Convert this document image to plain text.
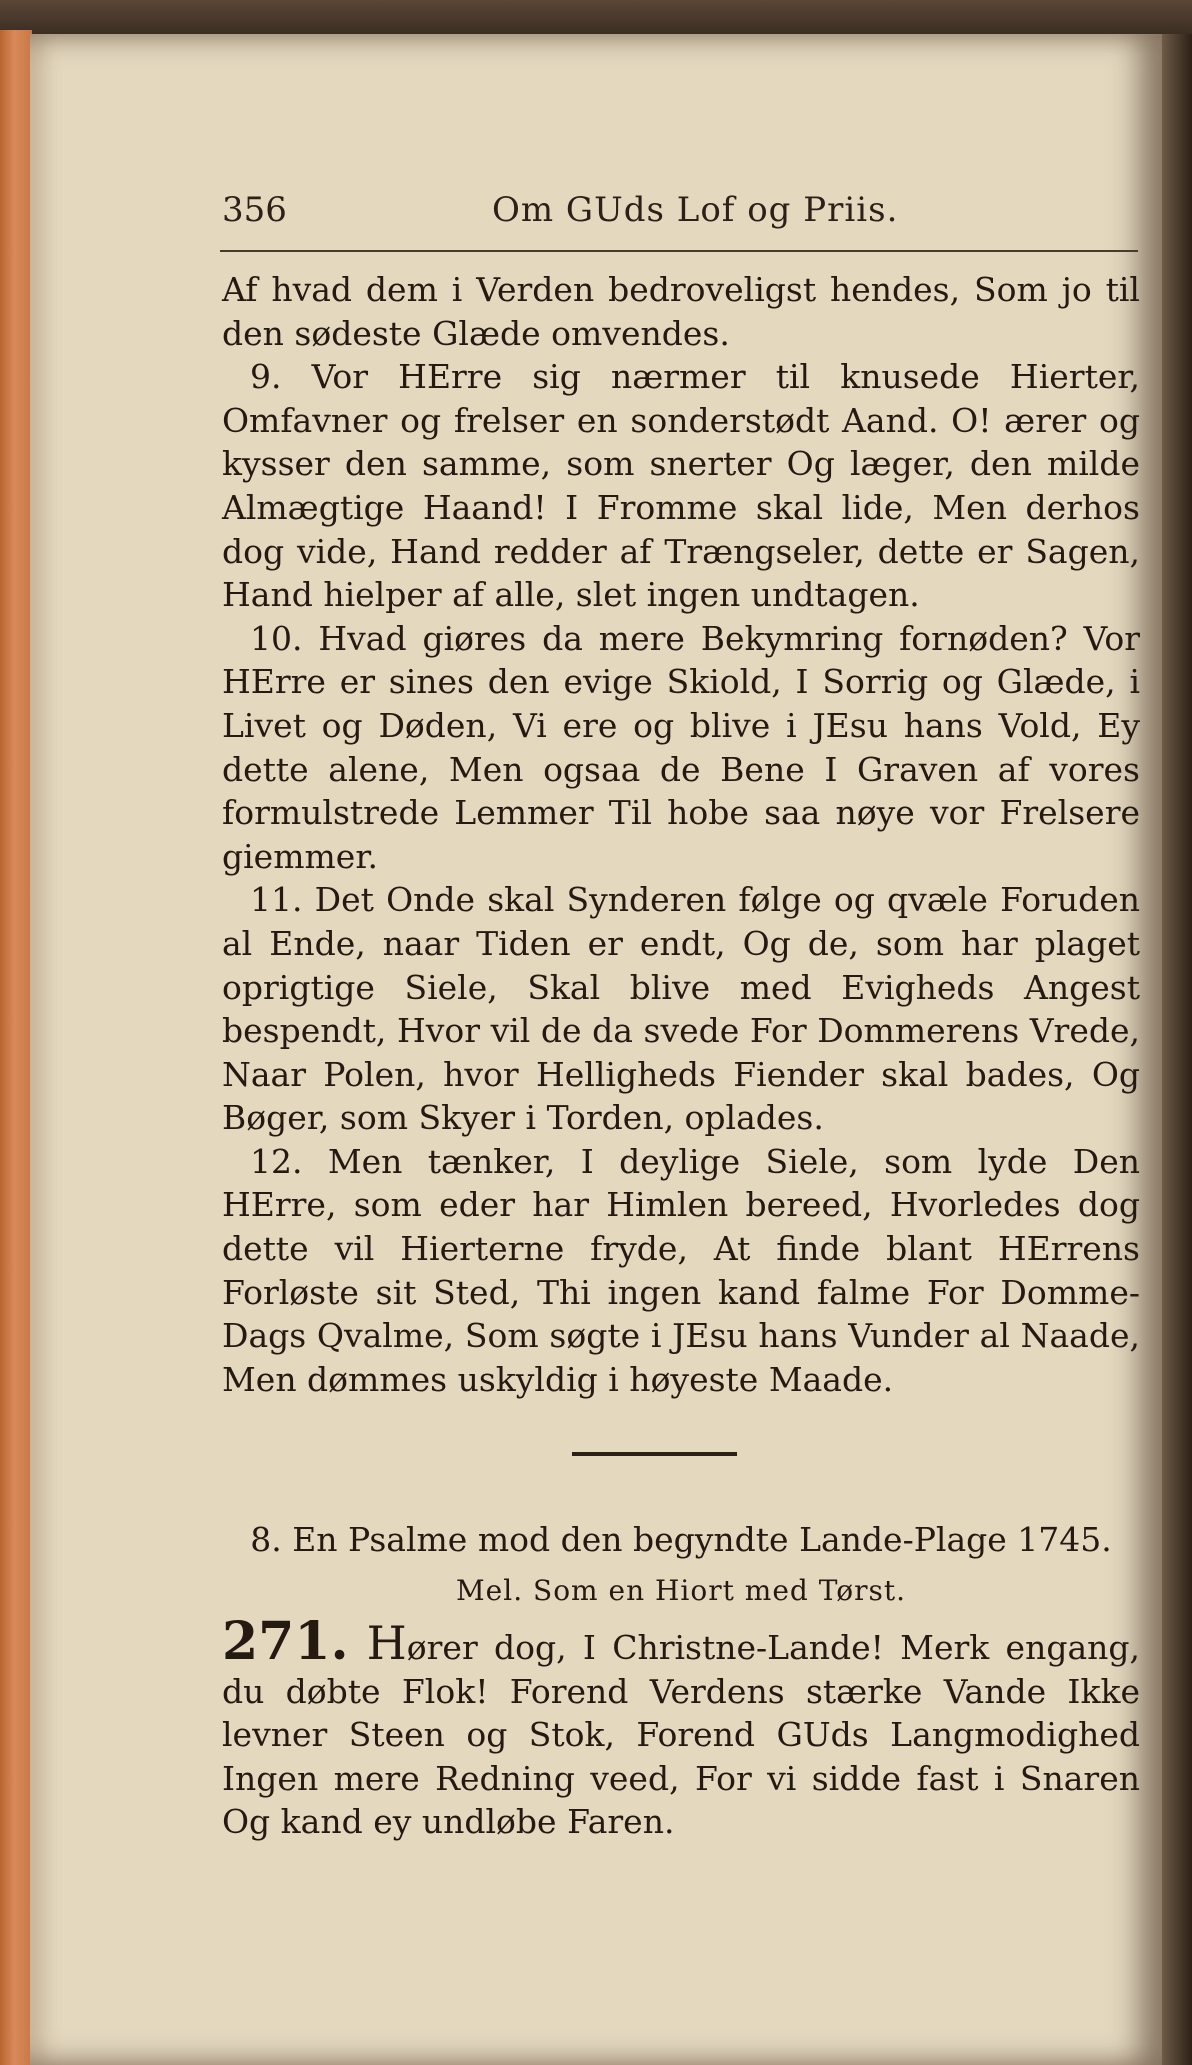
356	Om GUds Lof og Priis.

Af hvad dem i Verden bedroveligst hendes, Som jo til den sødeste Glæde omvendes.

9. Vor HErre sig nærmer til knusede Hierter, Omfavner og frelser en sonderstødt Aand. O! ærer og kysser den samme, som snerter Og læger, den milde Almægtige Haand! I Fromme skal lide, Men derhos dog vide, Hand redder af Trængseler, dette er Sagen, Hand hielper af alle, slet ingen undtagen.

10. Hvad giøres da mere Bekymring fornøden? Vor HErre er sines den evige Skiold, I Sorrig og Glæde, i Livet og Døden, Vi ere og blive i JEsu hans Vold, Ey dette alene, Men ogsaa de Bene I Graven af vores formulstrede Lemmer Til hobe saa nøye vor Frelsere giemmer.

11. Det Onde skal Synderen følge og qvæle Foruden al Ende, naar Tiden er endt, Og de, som har plaget oprigtige Siele, Skal blive med Evigheds Angest bespendt, Hvor vil de da svede For Dommerens Vrede, Naar Polen, hvor Helligheds Fiender skal bades, Og Bøger, som Skyer i Torden, oplades.

12. Men tænker, I deylige Siele, som lyde Den HErre, som eder har Himlen bereed, Hvorledes dog dette vil Hierterne fryde, At finde blant HErrens Forløste sit Sted, Thi ingen kand falme For Domme-Dags Qvalme, Som søgte i JEsu hans Vunder al Naade, Men dømmes uskyldig i høyeste Maade.

8. En Psalme mod den begyndte Lande-Plage 1745.
Mel. Som en Hiort med Tørst.
271. Hører dog, I Christne-Lande! Merk engang, du døbte Flok! Forend Verdens stærke Vande Ikke levner Steen og Stok, Forend GUds Langmodighed Ingen mere Redning veed, For vi sidde fast i Snaren Og kand ey undløbe Faren.
